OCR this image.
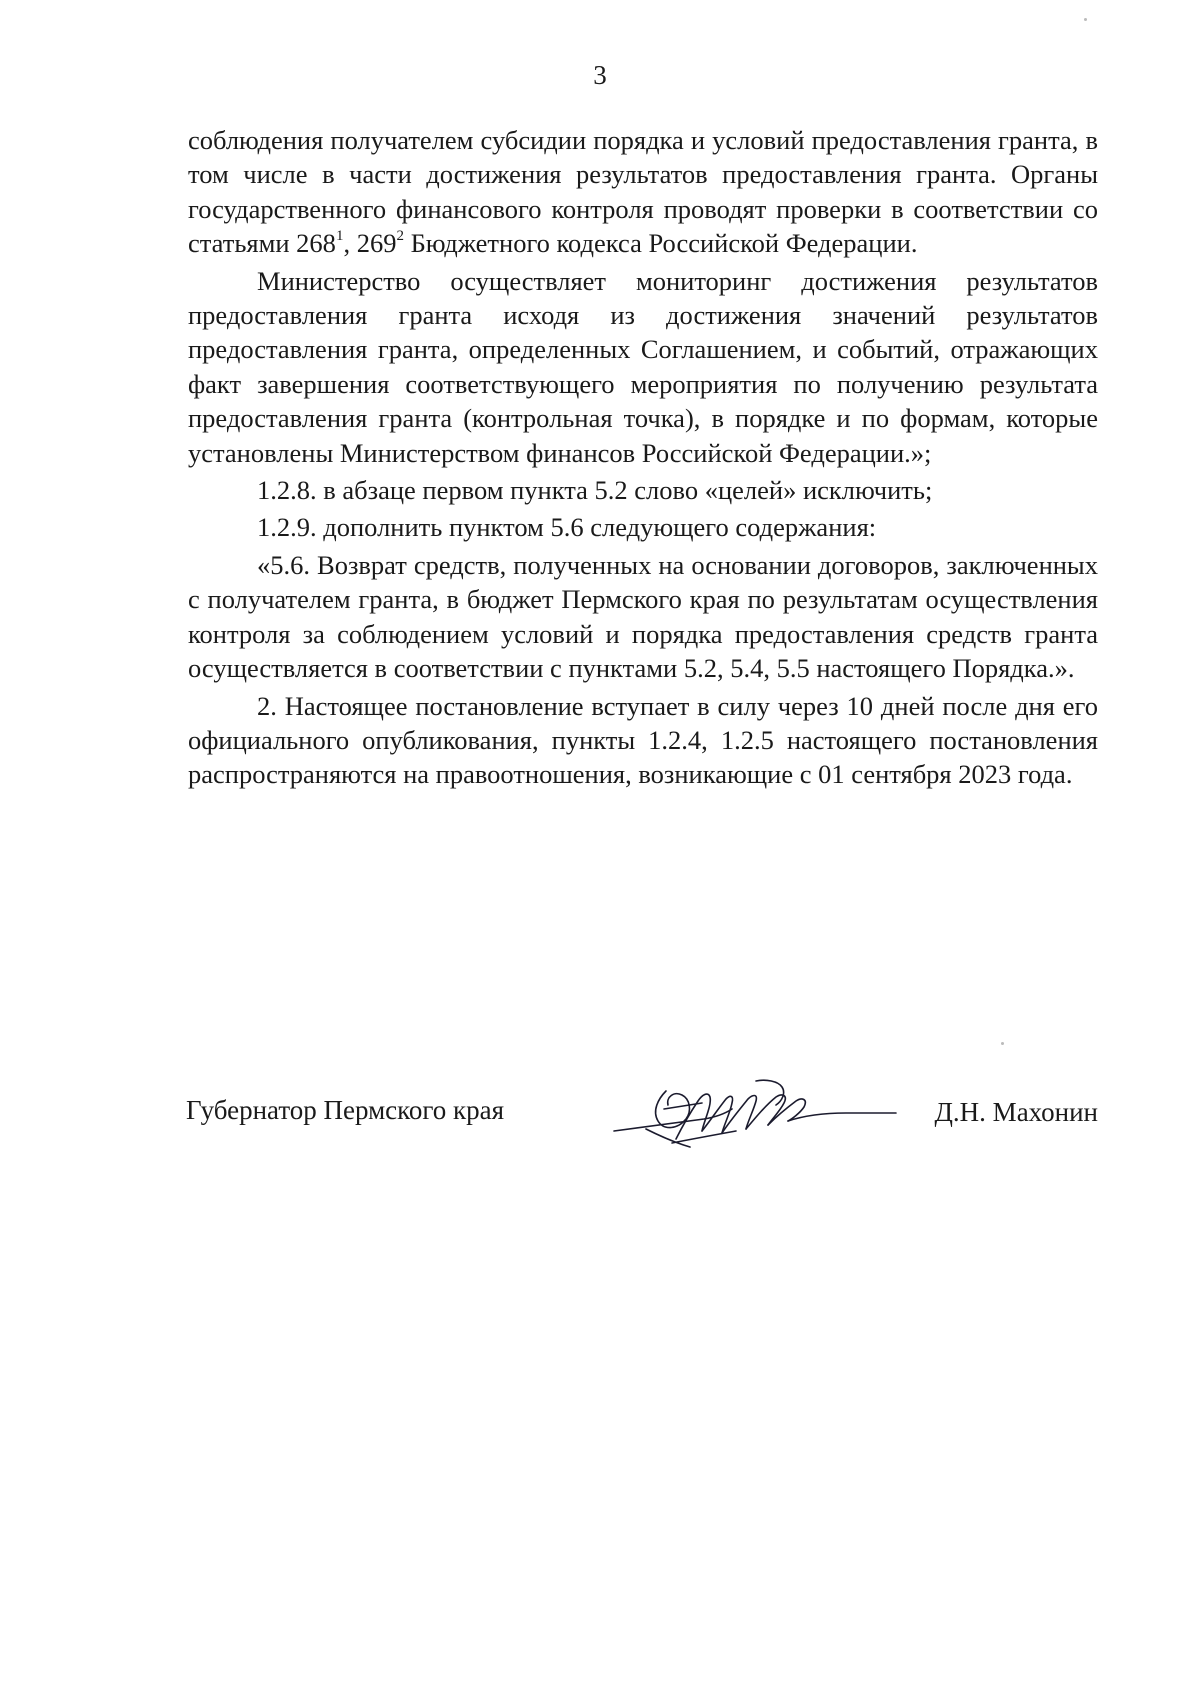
3

соблюдения получателем субсидии порядка и условий предоставления гранта, в том числе в части достижения результатов предоставления гранта. Органы государственного финансового контроля проводят проверки в соответствии со статьями $268^1$, $269^2$ Бюджетного кодекса Российской Федерации.

Министерство осуществляет мониторинг достижения результатов предоставления гранта исходя из достижения значений результатов предоставления гранта, определенных Соглашением, и событий, отражающих факт завершения соответствующего мероприятия по получению результата предоставления гранта (контрольная точка), в порядке и по формам, которые установлены Министерством финансов Российской Федерации.»;

1.2.8. в абзаце первом пункта 5.2 слово «целей» исключить;

1.2.9. дополнить пунктом 5.6 следующего содержания:

«5.6. Возврат средств, полученных на основании договоров, заключенных с получателем гранта, в бюджет Пермского края по результатам осуществления контроля за соблюдением условий и порядка предоставления средств гранта осуществляется в соответствии с пунктами 5.2, 5.4, 5.5 настоящего Порядка.».

2. Настоящее постановление вступает в силу через 10 дней после дня его официального опубликования, пункты 1.2.4, 1.2.5 настоящего постановления распространяются на правоотношения, возникающие с 01 сентября 2023 года.

Губернатор Пермского края	Д.Н. Махонин
